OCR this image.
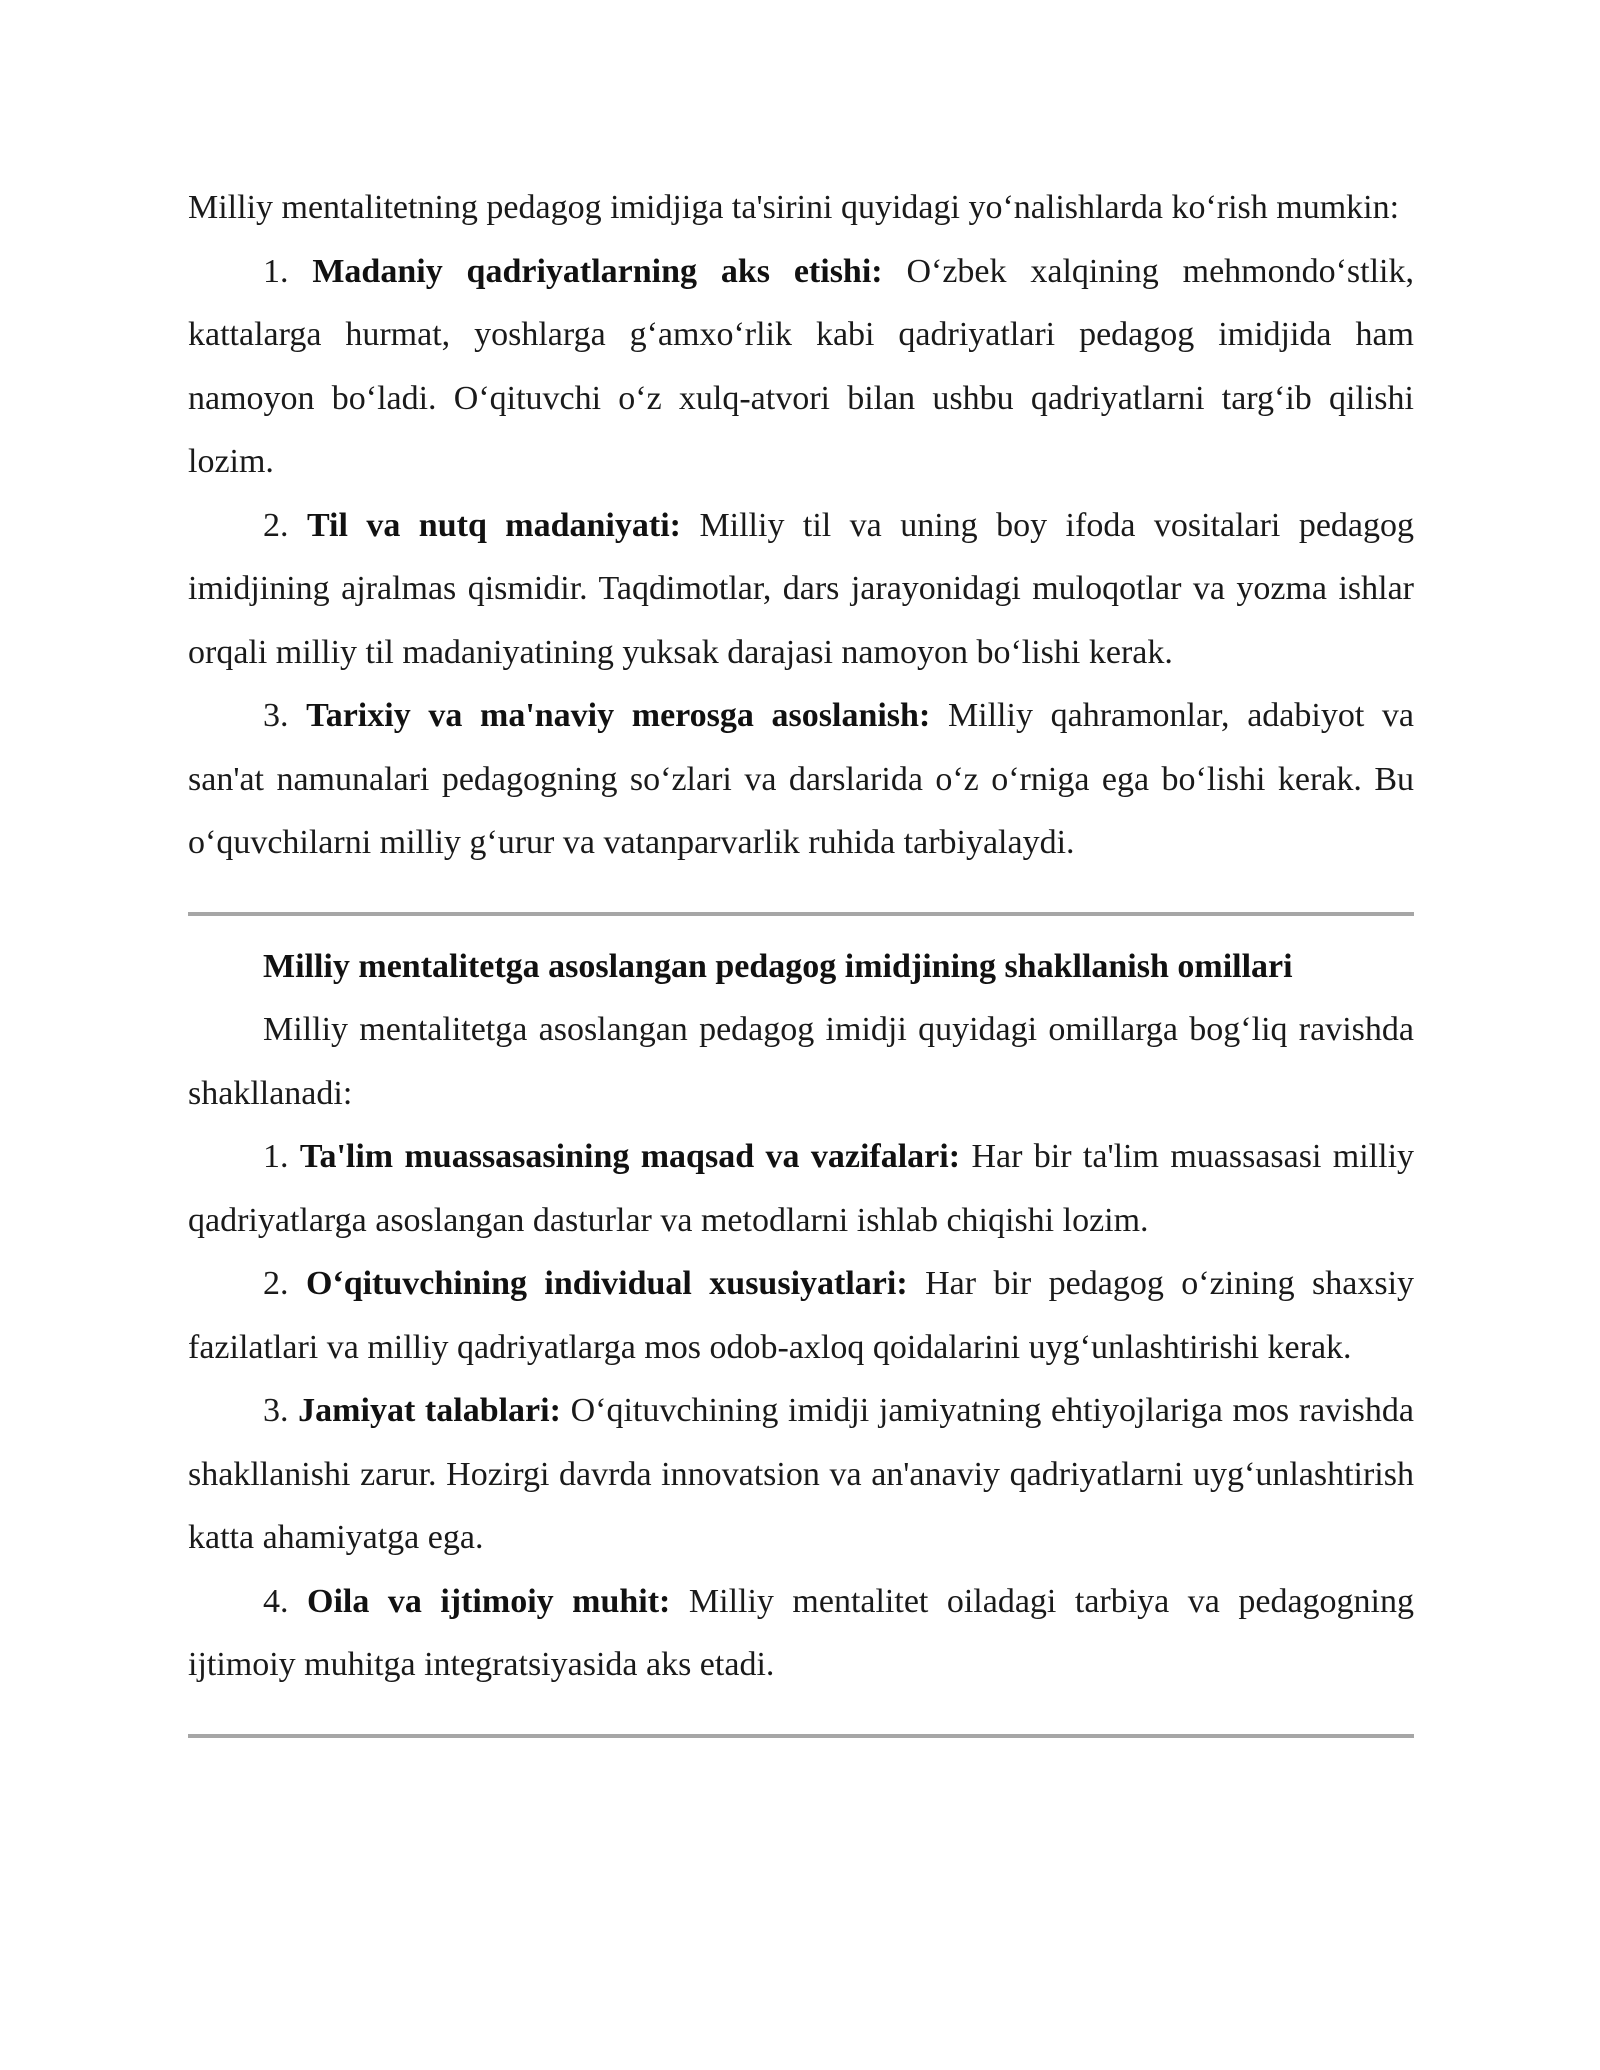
Milliy mentalitetning pedagog imidjiga ta'sirini quyidagi yo‘nalishlarda ko‘rish mumkin:

1. Madaniy qadriyatlarning aks etishi: O‘zbek xalqining mehmondo‘stlik, kattalarga hurmat, yoshlarga g‘amxo‘rlik kabi qadriyatlari pedagog imidjida ham namoyon bo‘ladi. O‘qituvchi o‘z xulq-atvori bilan ushbu qadriyatlarni targ‘ib qilishi lozim.

2. Til va nutq madaniyati: Milliy til va uning boy ifoda vositalari pedagog imidjining ajralmas qismidir. Taqdimotlar, dars jarayonidagi muloqotlar va yozma ishlar orqali milliy til madaniyatining yuksak darajasi namoyon bo‘lishi kerak.

3. Tarixiy va ma'naviy merosga asoslanish: Milliy qahramonlar, adabiyot va san'at namunalari pedagogning so‘zlari va darslarida o‘z o‘rniga ega bo‘lishi kerak. Bu o‘quvchilarni milliy g‘urur va vatanparvarlik ruhida tarbiyalaydi.

Milliy mentalitetga asoslangan pedagog imidjining shakllanish omillari

Milliy mentalitetga asoslangan pedagog imidji quyidagi omillarga bog‘liq ravishda shakllanadi:

1. Ta'lim muassasasining maqsad va vazifalari: Har bir ta'lim muassasasi milliy qadriyatlarga asoslangan dasturlar va metodlarni ishlab chiqishi lozim.

2. O‘qituvchining individual xususiyatlari: Har bir pedagog o‘zining shaxsiy fazilatlari va milliy qadriyatlarga mos odob-axloq qoidalarini uyg‘unlashtirishi kerak.

3. Jamiyat talablari: O‘qituvchining imidji jamiyatning ehtiyojlariga mos ravishda shakllanishi zarur. Hozirgi davrda innovatsion va an'anaviy qadriyatlarni uyg‘unlashtirish katta ahamiyatga ega.

4. Oila va ijtimoiy muhit: Milliy mentalitet oiladagi tarbiya va pedagogning ijtimoiy muhitga integratsiyasida aks etadi.
